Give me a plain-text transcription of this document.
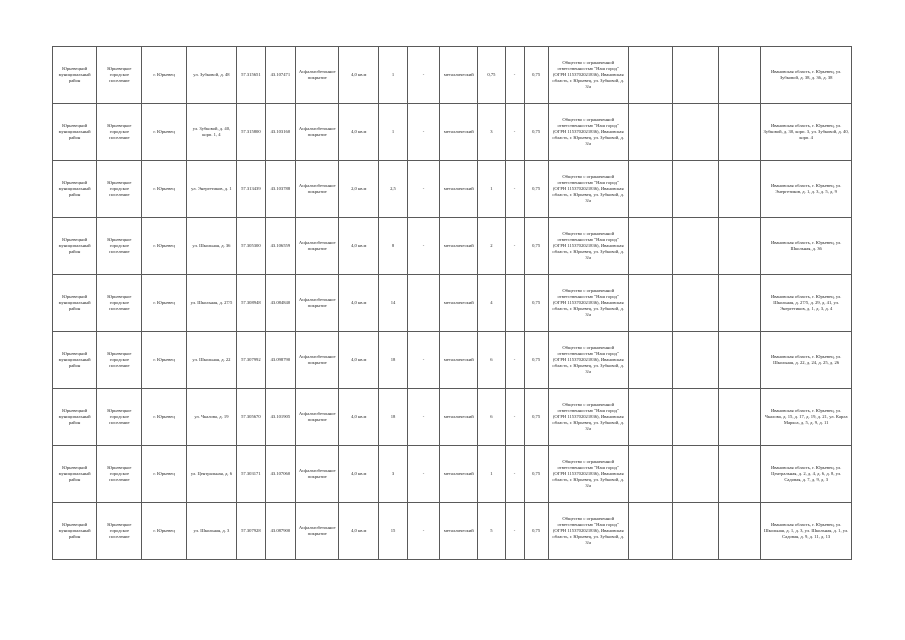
Юрьевецкий муниципальный район	Юрьевецкое городское поселение	г. Юрьевец	ул. Зубковой, д. 48	57.315651	43.107471	Асфальтобетонное покрытие	4,0 кв.м	1	-	металлический	0,75	-	0,75	Общество с ограниченной ответственностью "Наш город" (ОГРН 1153702021836), Ивановская область, г. Юрьевец, ул. Зубковой, д. 3/а				Ивановская область, г. Юрьевец, ул. Зубковой, д. 38, д. 36, д. 38
Юрьевецкий муниципальный район	Юрьевецкое городское поселение	г. Юрьевец	ул. Зубковой, д. 40, корп. 1, 4	57.315800	43.103160	Асфальтобетонное покрытие	4,0 кв.м	1	-	металлический	3	-	0,75	Общество с ограниченной ответственностью "Наш город" (ОГРН 1153702021836), Ивановская область, г. Юрьевец, ул. Зубковой, д. 3/а				Ивановская область, г. Юрьевец, ул. Зубковой, д. 30, корп. 3, ул. Зубковой, д. 40, корп. 4
Юрьевецкий муниципальный район	Юрьевецкое городское поселение	г. Юрьевец	ул. Энергетиков, д. 1	57.313439	43.103788	Асфальтобетонное покрытие	2,0 кв.м	2,5	-	металлический	1	-	0,75	Общество с ограниченной ответственностью "Наш город" (ОГРН 1153702021836), Ивановская область, г. Юрьевец, ул. Зубковой, д. 3/а				Ивановская область, г. Юрьевец, ул. Энергетиков, д. 1, д. 3, д. 5, д. 9
Юрьевецкий муниципальный район	Юрьевецкое городское поселение	г. Юрьевец	ул. Школьная, д. 36	57.305300	43.106559	Асфальтобетонное покрытие	4,0 кв.м	8	-	металлический	2	-	0,75	Общество с ограниченной ответственностью "Наш город" (ОГРН 1153702021836), Ивановская область, г. Юрьевец, ул. Зубковой, д. 3/а				Ивановская область, г. Юрьевец, ул. Школьная, д. 36
Юрьевецкий муниципальный район	Юрьевецкое городское поселение	г. Юрьевец	ул. Школьная, д. 27/5	57.308948	43.084840	Асфальтобетонное покрытие	4,0 кв.м	14		металлический	4		0,75	Общество с ограниченной ответственностью "Наш город" (ОГРН 1153702021836), Ивановская область, г. Юрьевец, ул. Зубковой, д. 3/а				Ивановская область, г. Юрьевец, ул. Школьная, д. 27/5, д. 29, д. 41, ул. Энергетиков, д. 1, д. 3, д. 4
Юрьевецкий муниципальный район	Юрьевецкое городское поселение	г. Юрьевец	ул. Школьная, д. 22	57.307992	43.098790	Асфальтобетонное покрытие	4,0 кв.м	18	-	металлический	6	-	0,75	Общество с ограниченной ответственностью "Наш город" (ОГРН 1153702021836), Ивановская область, г. Юрьевец, ул. Зубковой, д. 3/а				Ивановская область, г. Юрьевец, ул. Школьная, д. 22, д. 24, д. 25, д. 26
Юрьевецкий муниципальный район	Юрьевецкое городское поселение	г. Юрьевец	ул. Чкалова, д. 19	57.305670	43.101905	Асфальтобетонное покрытие	4,0 кв.м	18	-	металлический	6	-	0,75	Общество с ограниченной ответственностью "Наш город" (ОГРН 1153702021836), Ивановская область, г. Юрьевец, ул. Зубковой, д. 3/а				Ивановская область, г. Юрьевец, ул. Чкалова, д. 15, д. 17, д. 19, д. 21, ул. Карла Маркса, д. 5, д. 9, д. 11
Юрьевецкий муниципальный район	Юрьевецкое городское поселение	г. Юрьевец	ул. Центральная, д. 6	57.303171	43.107060	Асфальтобетонное покрытие	4,0 кв.м	3	-	металлический	1	-	0,75	Общество с ограниченной ответственностью "Наш город" (ОГРН 1153702021836), Ивановская область, г. Юрьевец, ул. Зубковой, д. 3/а				Ивановская область, г. Юрьевец, ул. Центральная, д. 2, д. 4, д. 6, д. 8, ул. Садовая, д. 7, д. 9, д. 3
Юрьевецкий муниципальный район	Юрьевецкое городское поселение	г. Юрьевец	ул. Школьная, д. 3	57.307928	43.087900	Асфальтобетонное покрытие	4,0 кв.м	15	-	металлический	5	-	0,75	Общество с ограниченной ответственностью "Наш город" (ОГРН 1153702021836), Ивановская область, г. Юрьевец, ул. Зубковой, д. 3/а				Ивановская область, г. Юрьевец, ул. Школьная, д. 1, д. 3, ул. Школьная, д. 1, ул. Садовая, д. 9, д. 11, д. 13
